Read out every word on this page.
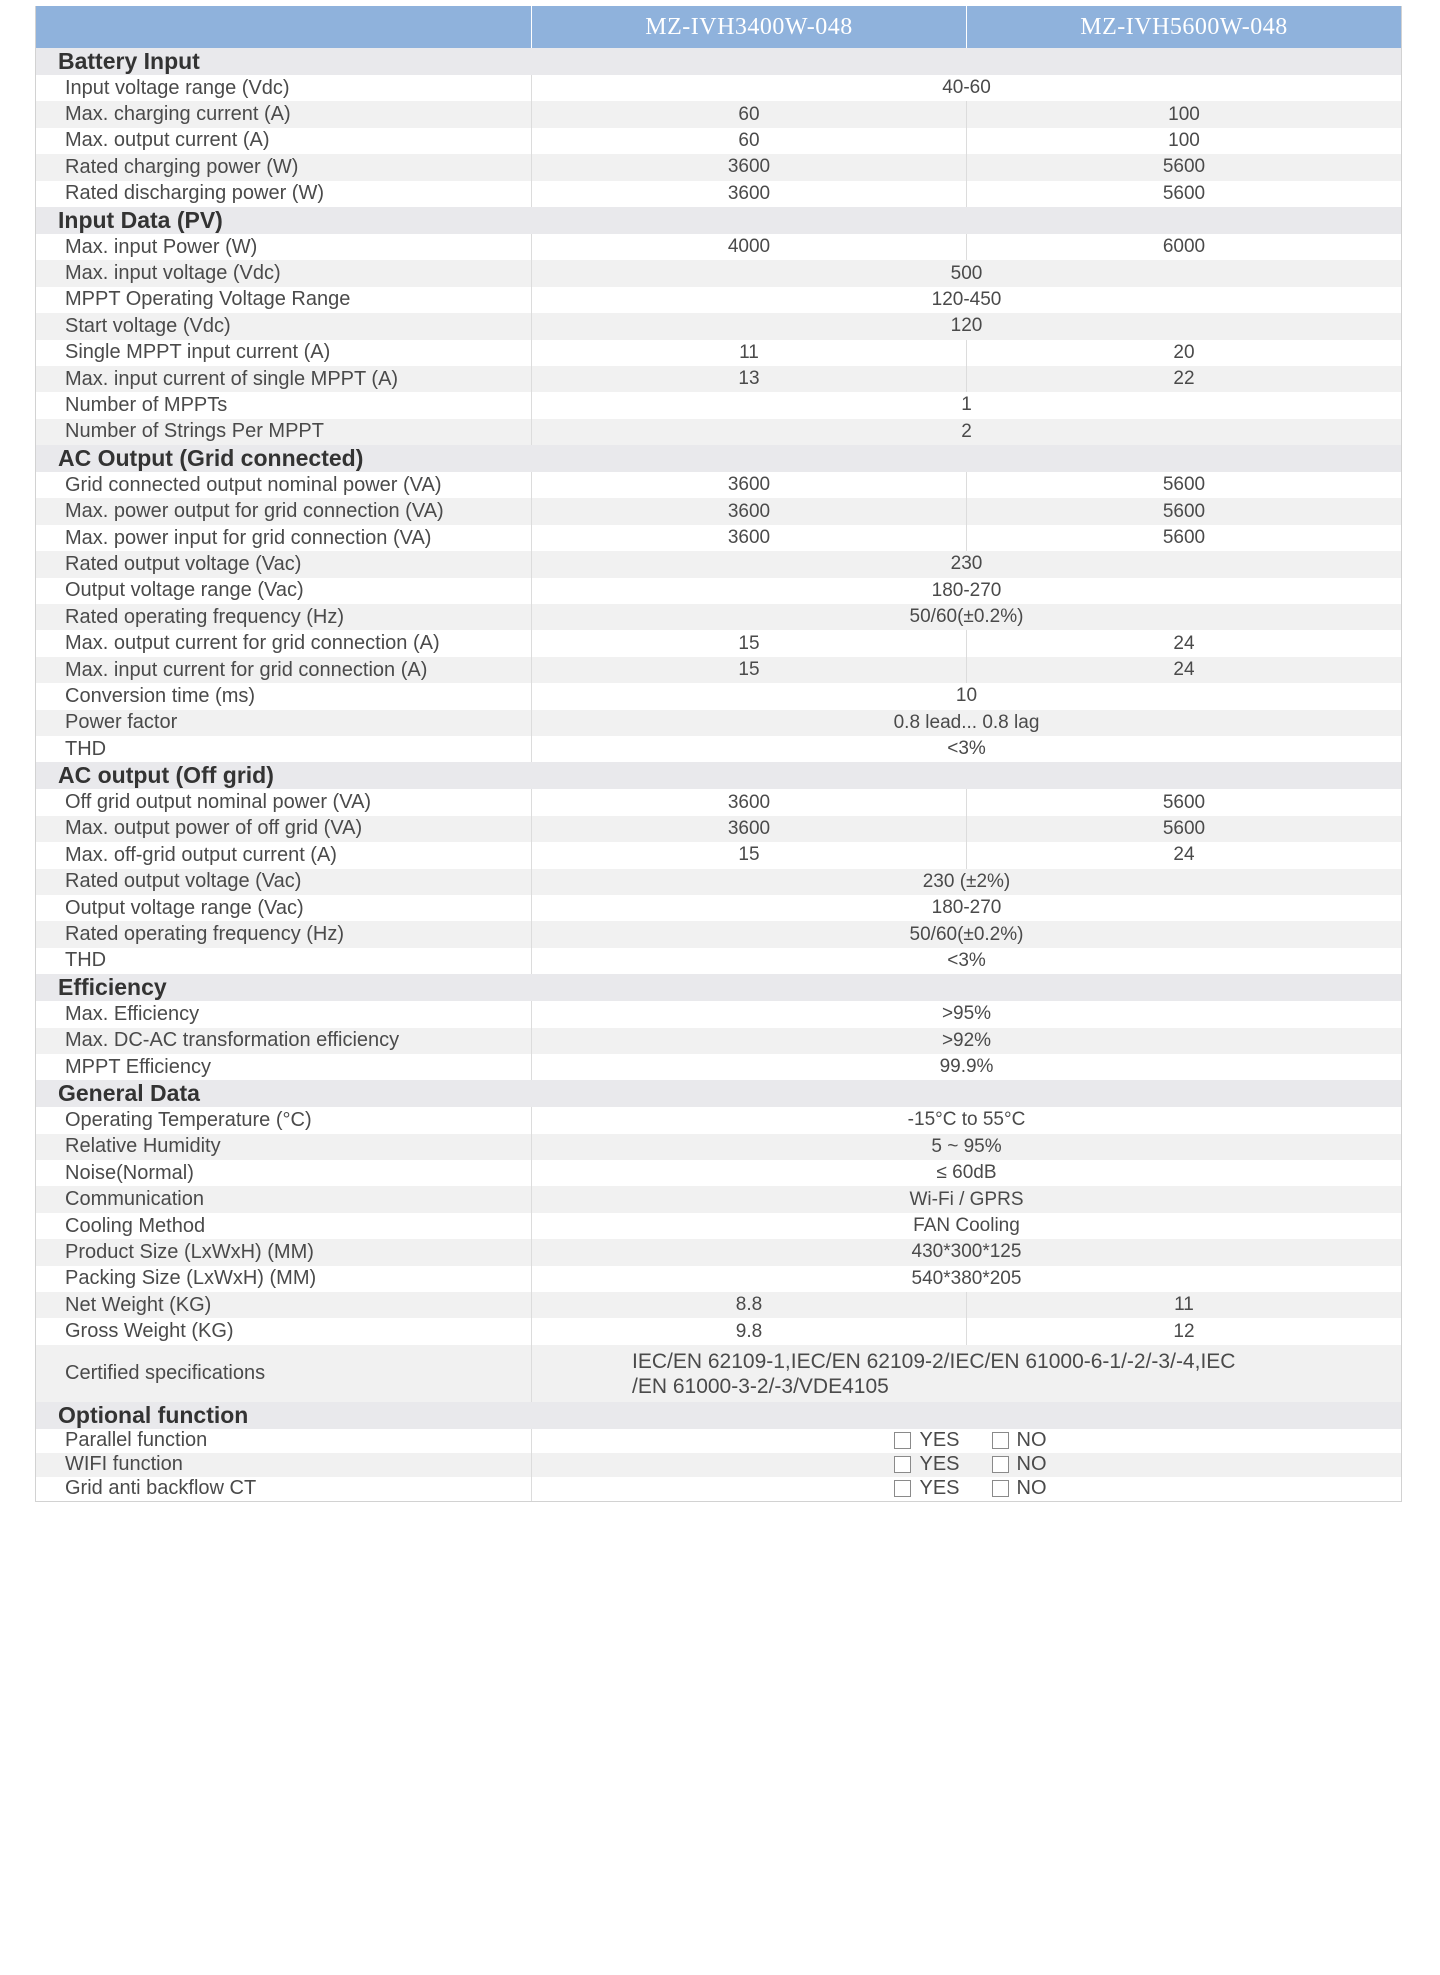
MZ-IVH3400W-048	MZ-IVH5600W-048
Battery Input
Input voltage range (Vdc)	40-60
Max. charging current (A)	60	100
Max. output current (A)	60	100
Rated charging power (W)	3600	5600
Rated discharging power (W)	3600	5600
Input Data (PV)
Max. input Power (W)	4000	6000
Max. input voltage (Vdc)	500
MPPT Operating Voltage Range	120-450
Start voltage (Vdc)	120
Single MPPT input current (A)	11	20
Max. input current of single MPPT (A)	13	22
Number of MPPTs	1
Number of Strings Per MPPT	2
AC Output (Grid connected)
Grid connected output nominal power (VA)	3600	5600
Max. power output for grid connection (VA)	3600	5600
Max. power input for grid connection (VA)	3600	5600
Rated output voltage (Vac)	230
Output voltage range (Vac)	180-270
Rated operating frequency (Hz)	50/60(±0.2%)
Max. output current for grid connection (A)	15	24
Max. input current for grid connection (A)	15	24
Conversion time (ms)	10
Power factor	0.8 lead... 0.8 lag
THD	<3%
AC output (Off grid)
Off grid output nominal power (VA)	3600	5600
Max. output power of off grid (VA)	3600	5600
Max. off-grid output current (A)	15	24
Rated output voltage (Vac)	230 (±2%)
Output voltage range (Vac)	180-270
Rated operating frequency (Hz)	50/60(±0.2%)
THD	<3%
Efficiency
Max. Efficiency	>95%
Max. DC-AC transformation efficiency	>92%
MPPT Efficiency	99.9%
General Data
Operating Temperature (°C)	-15°C to 55°C
Relative Humidity	5 ~ 95%
Noise(Normal)	≤ 60dB
Communication	Wi-Fi / GPRS
Cooling Method	FAN Cooling
Product Size (LxWxH) (MM)	430*300*125
Packing Size (LxWxH) (MM)	540*380*205
Net Weight (KG)	8.8	11
Gross Weight (KG)	9.8	12
Certified specifications	IEC/EN 62109-1,IEC/EN 62109-2/IEC/EN 61000-6-1/-2/-3/-4,IEC
/EN 61000-3-2/-3/VDE4105
Optional function
Parallel function	YES	NO
WIFI function	YES	NO
Grid anti backflow CT	YES	NO
